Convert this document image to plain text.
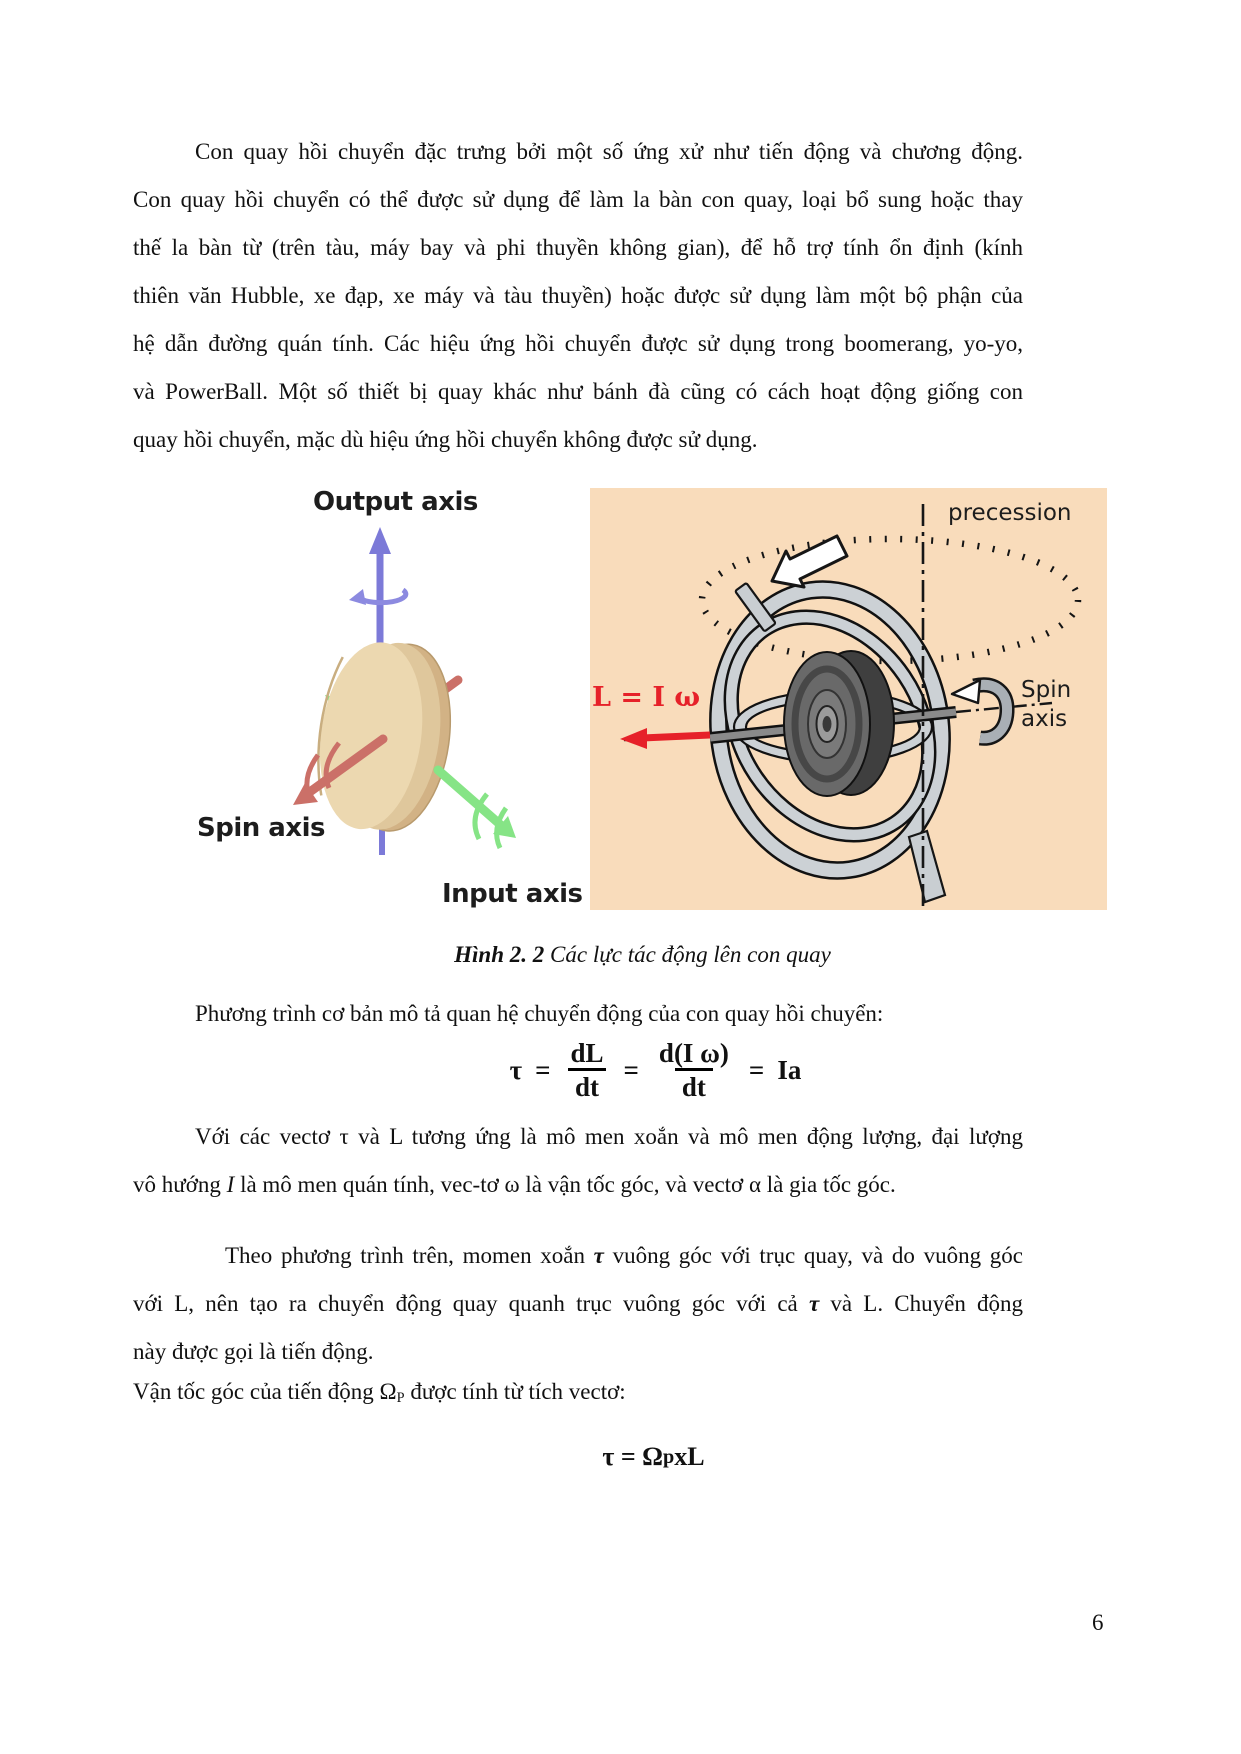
Con quay hồi chuyển đặc trưng bởi một số ứng xử như tiến động và chương động.
Con quay hồi chuyển có thể được sử dụng để làm la bàn con quay, loại bổ sung hoặc thay
thế la bàn từ (trên tàu, máy bay và phi thuyền không gian), để hỗ trợ tính ổn định (kính
thiên văn Hubble, xe đạp, xe máy và tàu thuyền) hoặc được sử dụng làm một bộ phận của
hệ dẫn đường quán tính. Các hiệu ứng hồi chuyển được sử dụng trong boomerang, yo-yo,
và PowerBall. Một số thiết bị quay khác như bánh đà cũng có cách hoạt động giống con
quay hồi chuyển, mặc dù hiệu ứng hồi chuyển không được sử dụng.
Output axis
Spin axis
Input axis
precession
L = I ω	Spin
axis
Hình 2. 2 Các lực tác động lên con quay
Phương trình cơ bản mô tả quan hệ chuyển động của con quay hồi chuyển:
$\tau = \frac{dL}{dt} = \frac{\text{d(I ω)}}{dt} = Ia$
Với các vectơ τ và L tương ứng là mô men xoắn và mô men động lượng, đại lượng
vô hướng I là mô men quán tính, vec-tơ ω là vận tốc góc, và vectơ α là gia tốc góc.
Theo phương trình trên, momen xoắn τ vuông góc với trục quay, và do vuông góc
với L, nên tạo ra chuyển động quay quanh trục vuông góc với cả τ và L. Chuyển động
này được gọi là tiến động.
Vận tốc góc của tiến động ΩP được tính từ tích vectơ:
τ = Ω p xL
6
